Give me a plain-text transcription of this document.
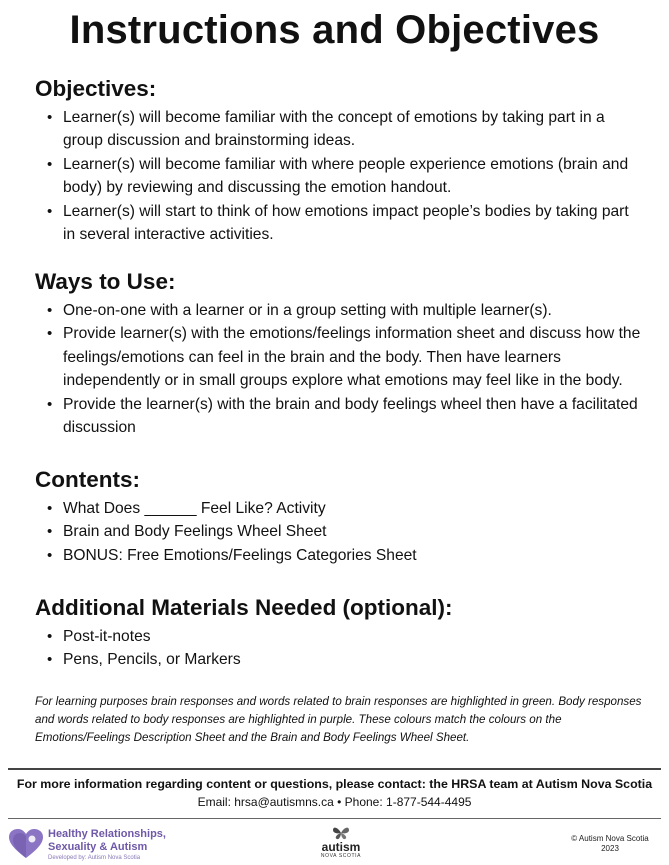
Instructions and Objectives
Objectives:
• Learner(s) will become familiar with the concept of emotions by taking part in a group discussion and brainstorming ideas.
• Learner(s) will become familiar with where people experience emotions (brain and body) by reviewing and discussing the emotion handout.
• Learner(s) will start to think of how emotions impact people’s bodies by taking part in several interactive activities.
Ways to Use:
• One-on-one with a learner or in a group setting with multiple learner(s).
• Provide learner(s) with the emotions/feelings information sheet and discuss how the feelings/emotions can feel in the brain and the body. Then have learners independently or in small groups explore what emotions may feel like in the body.
• Provide the learner(s) with the brain and body feelings wheel then have a facilitated discussion
Contents:
• What Does ______ Feel Like? Activity
• Brain and Body Feelings Wheel Sheet
• BONUS: Free Emotions/Feelings Categories Sheet
Additional Materials Needed (optional):
• Post-it-notes
• Pens, Pencils, or Markers
For learning purposes brain responses and words related to brain responses are highlighted in green. Body responses and words related to body responses are highlighted in purple. These colours match the colours on the Emotions/Feelings Description Sheet and the Brain and Body Feelings Wheel Sheet.
For more information regarding content or questions, please contact: the HRSA team at Autism Nova Scotia
Email: hrsa@autismns.ca • Phone: 1-877-544-4495
Healthy Relationships,
Sexuality & Autism
Developed by: Autism Nova Scotia
autism
NOVA SCOTIA
© Autism Nova Scotia
2023
